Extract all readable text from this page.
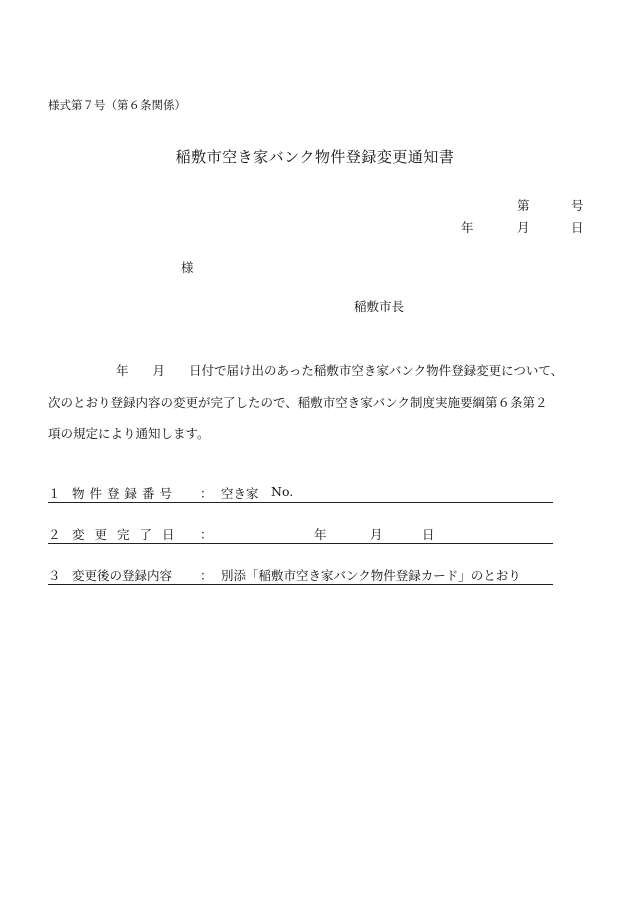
様式第７号（第６条関係）
稲敷市空き家バンク物件登録変更通知書
第	号
年	月	日
様
稲敷市長
年 月 日付で届け出のあった稲敷市空き家バンク物件登録変更について、
次のとおり登録内容の変更が完了したので、稲敷市空き家バンク制度実施要綱第６条第２
項の規定により通知します。
１ 物件登録番号 ： 空き家 No.
２ 変更完了日 ：	年	月	日
３ 変更後の登録内容 ： 別添「稲敷市空き家バンク物件登録カード」のとおり
